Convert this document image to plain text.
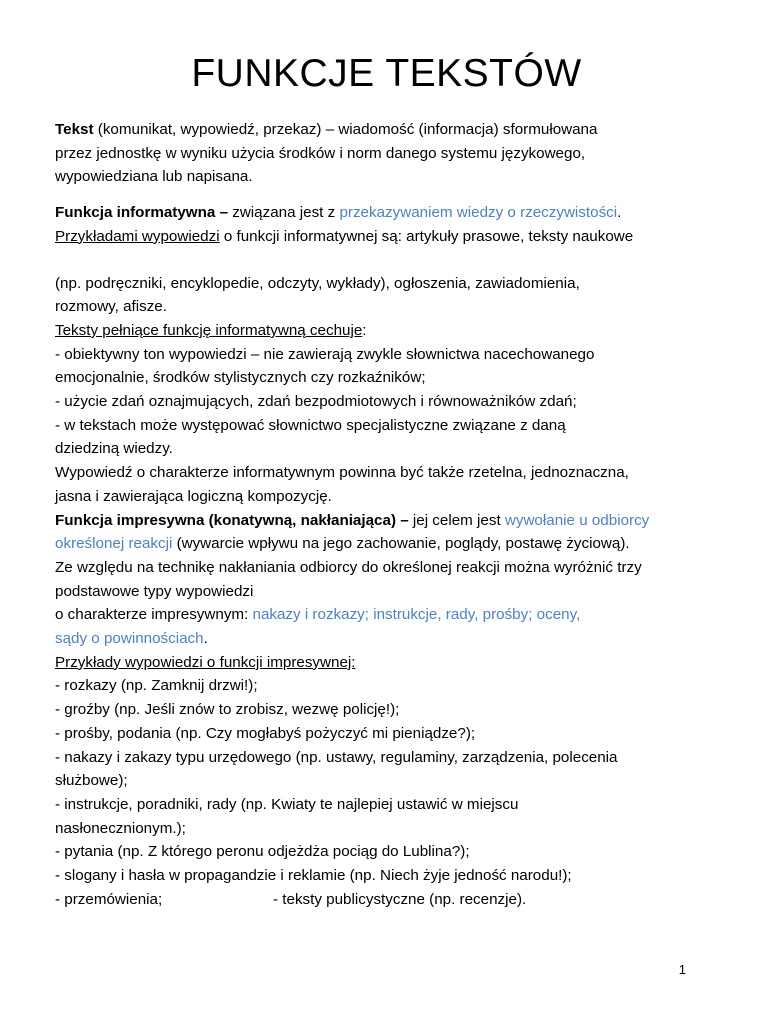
FUNKCJE TEKSTÓW

Tekst (komunikat, wypowiedź, przekaz) – wiadomość (informacja) sformułowana

przez jednostkę w wyniku użycia środków i norm danego systemu językowego,

wypowiedziana lub napisana.

Funkcja informatywna – związana jest z przekazywaniem wiedzy o rzeczywistości.

Przykładami wypowiedzi o funkcji informatywnej są: artykuły prasowe, teksty naukowe

(np. podręczniki, encyklopedie, odczyty, wykłady), ogłoszenia, zawiadomienia,

rozmowy, afisze.

Teksty pełniące funkcję informatywną cechuje:

- obiektywny ton wypowiedzi – nie zawierają zwykle słownictwa nacechowanego

emocjonalnie, środków stylistycznych czy rozkaźników;

- użycie zdań oznajmujących, zdań bezpodmiotowych i równoważników zdań;

- w tekstach może występować słownictwo specjalistyczne związane z daną

dziedziną wiedzy.

Wypowiedź o charakterze informatywnym powinna być także rzetelna, jednoznaczna,

jasna i zawierająca logiczną kompozycję.

Funkcja impresywna (konatywną, nakłaniająca) – jej celem jest wywołanie u odbiorcy

określonej reakcji (wywarcie wpływu na jego zachowanie, poglądy, postawę życiową).

Ze względu na technikę nakłaniania odbiorcy do określonej reakcji można wyróżnić trzy

podstawowe typy wypowiedzi

o charakterze impresywnym: nakazy i rozkazy; instrukcje, rady, prośby; oceny,

sądy o powinnościach.

Przykłady wypowiedzi o funkcji impresywnej:

- rozkazy (np. Zamknij drzwi!);

- groźby (np. Jeśli znów to zrobisz, wezwę policję!);

- prośby, podania (np. Czy mogłabyś pożyczyć mi pieniądze?);

- nakazy i zakazy typu urzędowego (np. ustawy, regulaminy, zarządzenia, polecenia

służbowe);

- instrukcje, poradniki, rady (np. Kwiaty te najlepiej ustawić w miejscu

nasłonecznionym.);

- pytania (np. Z którego peronu odjeżdża pociąg do Lublina?);

- slogany i hasła w propagandzie i reklamie (np. Niech żyje jedność narodu!);

- przemówienia;	- teksty publicystyczne (np. recenzje).

1
